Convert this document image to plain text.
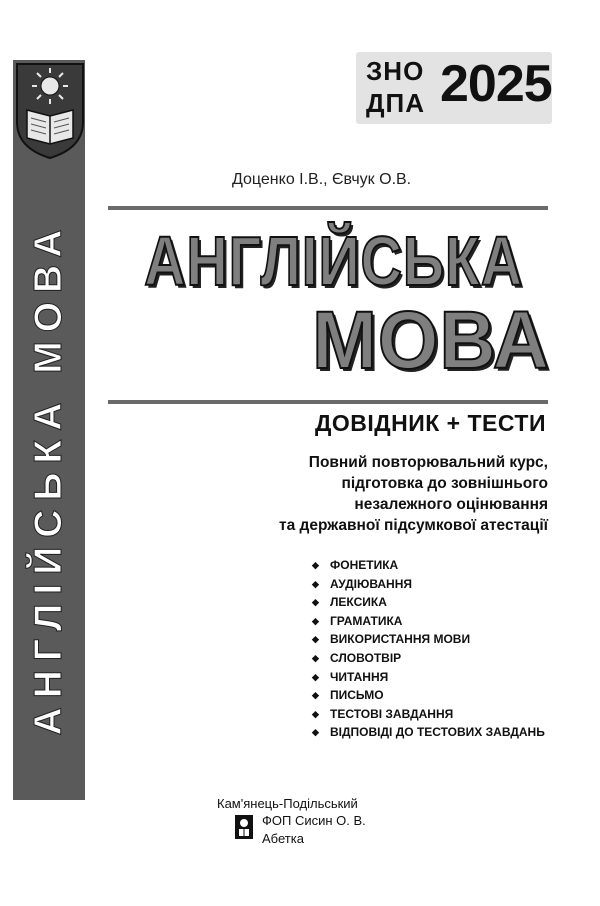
АНГЛІЙСЬКА МОВА
ЗНО
ДПА 2025
Доценко І.В., Євчук О.В.
АНГЛІЙСЬКА
МОВА
ДОВІДНИК + ТЕСТИ
Повний повторювальний курс,
підготовка до зовнішнього
незалежного оцінювання
та державної підсумкової атестації
◆ ФОНЕТИКА
◆ АУДІЮВАННЯ
◆ ЛЕКСИКА
◆ ГРАМАТИКА
◆ ВИКОРИСТАННЯ МОВИ
◆ СЛОВОТВІР
◆ ЧИТАННЯ
◆ ПИСЬМО
◆ ТЕСТОВІ ЗАВДАННЯ
◆ ВІДПОВІДІ ДО ТЕСТОВИХ ЗАВДАНЬ
Кам'янець-Подільський
ФОП Сисин О. В.
Абетка
